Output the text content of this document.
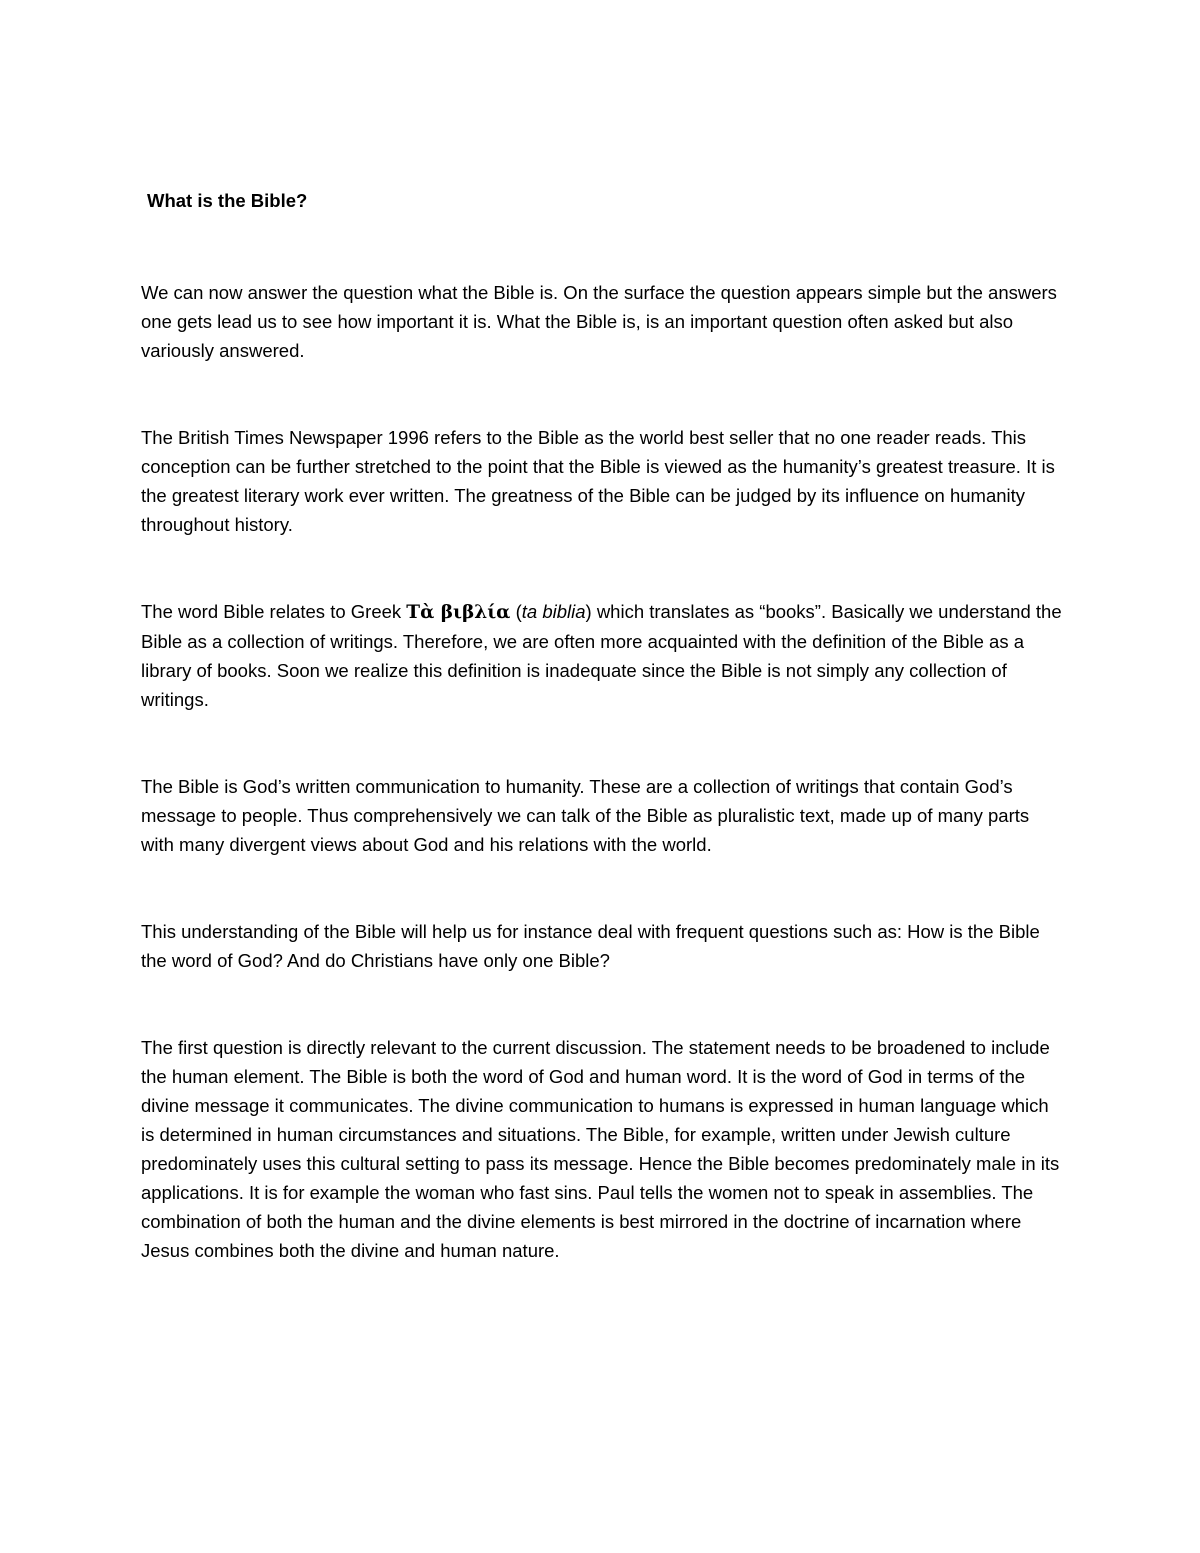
What is the Bible?

We can now answer the question what the Bible is. On the surface the question appears simple but the answers one gets lead us to see how important it is. What the Bible is, is an important question often asked but also variously answered.

The British Times Newspaper 1996 refers to the Bible as the world best seller that no one reader reads. This conception can be further stretched to the point that the Bible is viewed as the humanity’s greatest treasure. It is the greatest literary work ever written. The greatness of the Bible can be judged by its influence on humanity throughout history.

The word Bible relates to Greek Τὰ βιβλία (ta biblia) which translates as “books”. Basically we understand the Bible as a collection of writings. Therefore, we are often more acquainted with the definition of the Bible as a library of books. Soon we realize this definition is inadequate since the Bible is not simply any collection of writings.

The Bible is God’s written communication to humanity. These are a collection of writings that contain God’s message to people. Thus comprehensively we can talk of the Bible as pluralistic text, made up of many parts with many divergent views about God and his relations with the world.

This understanding of the Bible will help us for instance deal with frequent questions such as: How is the Bible the word of God? And do Christians have only one Bible?

The first question is directly relevant to the current discussion. The statement needs to be broadened to include the human element. The Bible is both the word of God and human word. It is the word of God in terms of the divine message it communicates. The divine communication to humans is expressed in human language which is determined in human circumstances and situations. The Bible, for example, written under Jewish culture predominately uses this cultural setting to pass its message. Hence the Bible becomes predominately male in its applications. It is for example the woman who fast sins. Paul tells the women not to speak in assemblies. The combination of both the human and the divine elements is best mirrored in the doctrine of incarnation where Jesus combines both the divine and human nature.
